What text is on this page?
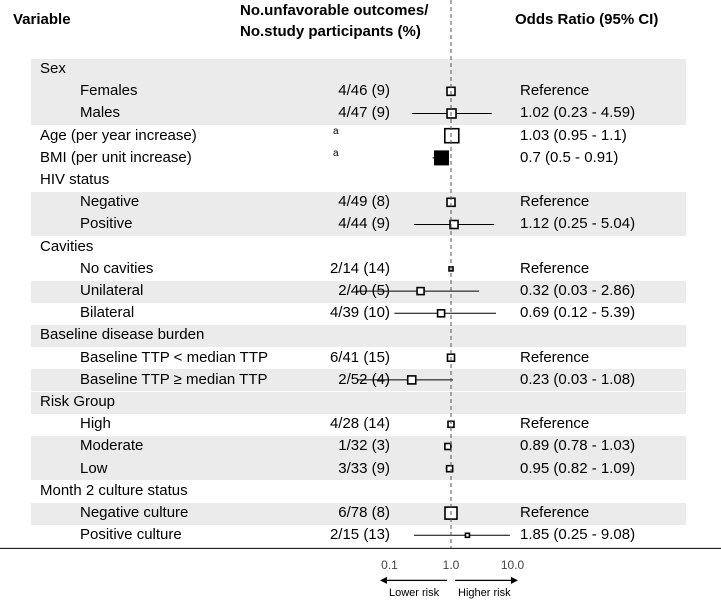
Variable
No.unfavorable outcomes/
No.study participants (%)
Odds Ratio (95% CI)
Sex
Females	4/46 (9)	Reference
Males	4/47 (9)	1.02 (0.23 - 4.59)
Age (per year increase)	a	1.03 (0.95 - 1.1)
BMI (per unit increase)	a	0.7 (0.5 - 0.91)
HIV status
Negative	4/49 (8)	Reference
Positive	4/44 (9)	1.12 (0.25 - 5.04)
Cavities
No cavities	2/14 (14)	Reference
Unilateral	2/40 (5)	0.32 (0.03 - 2.86)
Bilateral	4/39 (10)	0.69 (0.12 - 5.39)
Baseline disease burden
Baseline TTP < median TTP	6/41 (15)	Reference
Baseline TTP ≥ median TTP	2/52 (4)	0.23 (0.03 - 1.08)
Risk Group
High	4/28 (14)	Reference
Moderate	1/32 (3)	0.89 (0.78 - 1.03)
Low	3/33 (9)	0.95 (0.82 - 1.09)
Month 2 culture status
Negative culture	6/78 (8)	Reference
Positive culture	2/15 (13)	1.85 (0.25 - 9.08)
0.1	1.0	10.0
Lower risk Higher risk
